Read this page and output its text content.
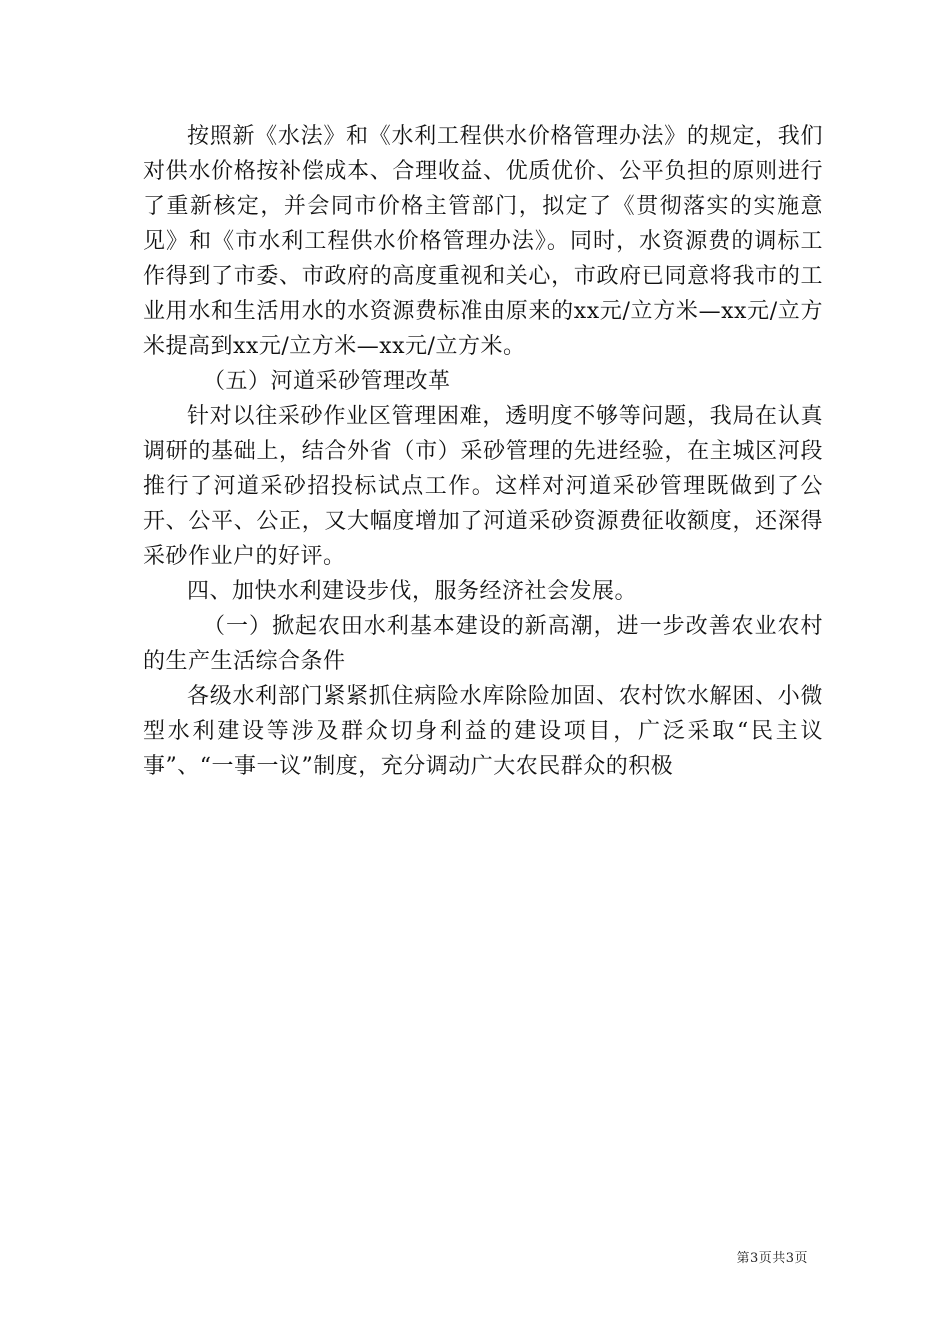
按照新《水法》和《水利工程供水价格管理办法》的规定，我们对供水价格按补偿成本、合理收益、优质优价、公平负担的原则进行了重新核定，并会同市价格主管部门，拟定了《贯彻落实的实施意见》和《市水利工程供水价格管理办法》。同时，水资源费的调标工作得到了市委、市政府的高度重视和关心，市政府已同意将我市的工业用水和生活用水的水资源费标准由原来的xx元/立方米—xx元/立方米提高到xx元/立方米—xx元/立方米。

（五）河道采砂管理改革

针对以往采砂作业区管理困难，透明度不够等问题，我局在认真调研的基础上，结合外省（市）采砂管理的先进经验，在主城区河段推行了河道采砂招投标试点工作。这样对河道采砂管理既做到了公开、公平、公正，又大幅度增加了河道采砂资源费征收额度，还深得采砂作业户的好评。

四、加快水利建设步伐，服务经济社会发展。

（一）掀起农田水利基本建设的新高潮，进一步改善农业农村的生产生活综合条件

各级水利部门紧紧抓住病险水库除险加固、农村饮水解困、小微型水利建设等涉及群众切身利益的建设项目，广泛采取“民主议事”、“一事一议”制度，充分调动广大农民群众的积极

第3页共3页
